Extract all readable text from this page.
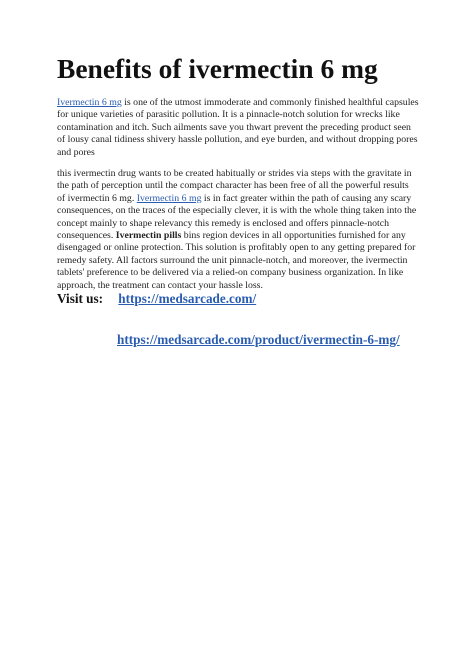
Benefits of ivermectin 6 mg

Ivermectin 6 mg is one of the utmost immoderate and commonly finished healthful capsules for unique varieties of parasitic pollution. It is a pinnacle-notch solution for wrecks like contamination and itch. Such ailments save you thwart prevent the preceding product seen of lousy canal tidiness shivery hassle pollution, and eye burden, and without dropping pores and pores

this ivermectin drug wants to be created habitually or strides via steps with the gravitate in the path of perception until the compact character has been free of all the powerful results of ivermectin 6 mg. Ivermectin 6 mg is in fact greater within the path of causing any scary consequences, on the traces of the especially clever, it is with the whole thing taken into the concept mainly to shape relevancy this remedy is enclosed and offers pinnacle-notch consequences. Ivermectin pills bins region devices in all opportunities furnished for any disengaged or online protection. This solution is profitably open to any getting prepared for remedy safety. All factors surround the unit pinnacle-notch, and moreover, the ivermectin tablets' preference to be delivered via a relied-on company business organization. In like approach, the treatment can contact your hassle loss.

Visit us: https://medsarcade.com/
https://medsarcade.com/product/ivermectin-6-mg/
